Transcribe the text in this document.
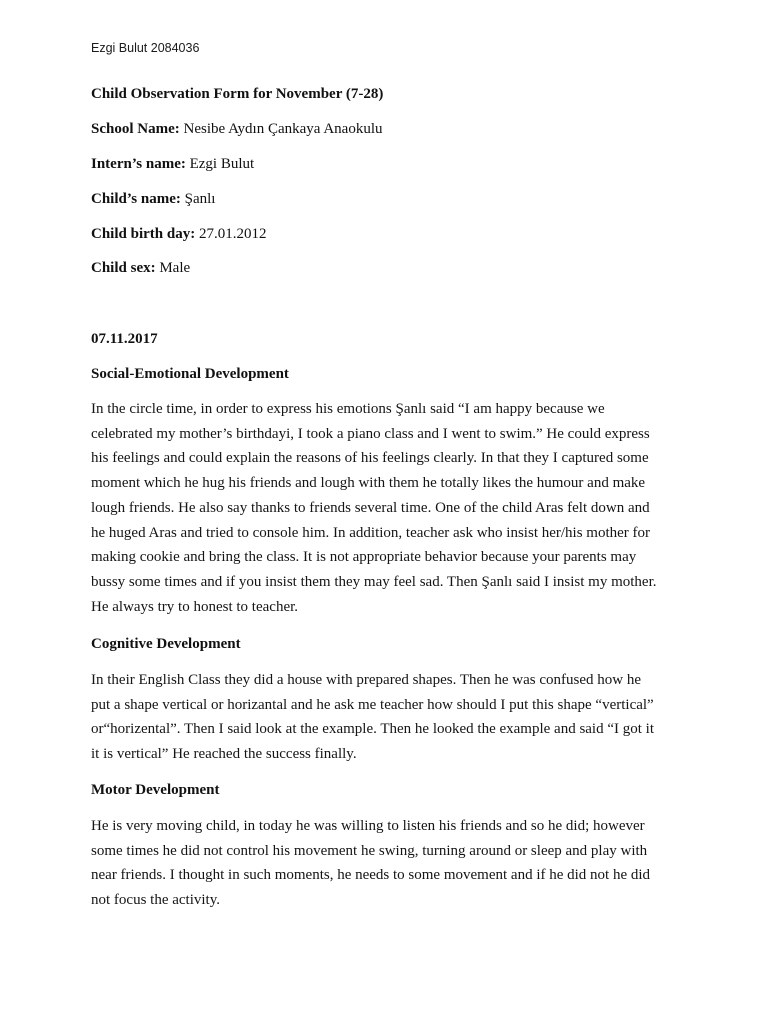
Ezgi Bulut 2084036
Child Observation Form for November (7-28)
School Name: Nesibe Aydın Çankaya Anaokulu
Intern’s name: Ezgi Bulut
Child’s name: Şanlı
Child birth day: 27.01.2012
Child sex: Male
07.11.2017
Social-Emotional Development
In the circle time, in order to express his emotions Şanlı said “I am happy because we
celebrated my mother’s birthdayi, I took a piano class and I went to swim.” He could express
his feelings and could explain the reasons of his feelings clearly. In that they I captured some
moment which he hug his friends and lough with them he totally likes the humour and make
lough friends. He also say thanks to friends several time. One of the child Aras felt down and
he huged Aras and tried to console him. In addition, teacher ask who insist her/his mother for
making cookie and bring the class. It is not appropriate behavior because your parents may
bussy some times and if you insist them they may feel sad. Then Şanlı said I insist my mother.
He always try to honest to teacher.
Cognitive Development
In their English Class they did a house with prepared shapes. Then he was confused how he
put a shape vertical or horizantal and he ask me teacher how should I put this shape “vertical”
or“horizental”. Then I said look at the example. Then he looked the example and said “I got it
it is vertical” He reached the success finally.
Motor Development
He is very moving child, in today he was willing to listen his friends and so he did; however
some times he did not control his movement he swing, turning around or sleep and play with
near friends. I thought in such moments, he needs to some movement and if he did not he did
not focus the activity.
